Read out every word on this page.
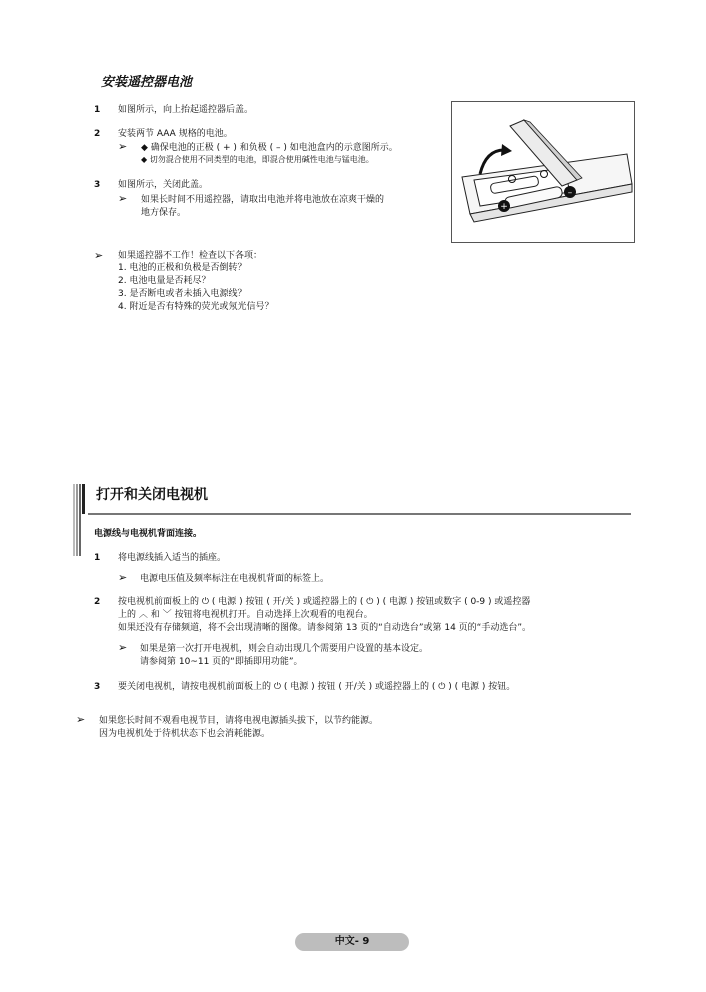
安装遥控器电池
1 如图所示，向上抬起遥控器后盖。
2 安装两节 AAA 规格的电池。
➢ ◆ 确保电池的正极 ( + ) 和负极 ( – ) 如电池盒内的示意图所示。
◆ 切勿混合使用不同类型的电池，即混合使用碱性电池与锰电池。
3 如图所示，关闭此盖。
➢ 如果长时间不用遥控器，请取出电池并将电池放在凉爽干燥的
地方保存。
+
–
➢ 如果遥控器不工作！检查以下各项：
1. 电池的正极和负极是否倒转？
2. 电池电量是否耗尽？
3. 是否断电或者未插入电源线？
4. 附近是否有特殊的荧光或氖光信号？
打开和关闭电视机
电源线与电视机背面连接。
1 将电源线插入适当的插座。
➢ 电源电压值及频率标注在电视机背面的标签上。
2 按电视机前面板上的 ⏻ ( 电源 ) 按钮 ( 开/关 ) 或遥控器上的 ( ⏻ ) ( 电源 ) 按钮或数字 ( 0-9 ) 或遥控器
上的 ︿ 和 ﹀ 按钮将电视机打开。自动选择上次观看的电视台。
如果还没有存储频道，将不会出现清晰的图像。请参阅第 13 页的“自动选台”或第 14 页的“手动选台”。
➢ 如果是第一次打开电视机，则会自动出现几个需要用户设置的基本设定。
请参阅第 10~11 页的“即插即用功能”。
3 要关闭电视机，请按电视机前面板上的 ⏻ ( 电源 ) 按钮 ( 开/关 ) 或遥控器上的 ( ⏻ ) ( 电源 ) 按钮。
➢ 如果您长时间不观看电视节目，请将电视电源插头拔下，以节约能源。
因为电视机处于待机状态下也会消耗能源。
中文- 9
